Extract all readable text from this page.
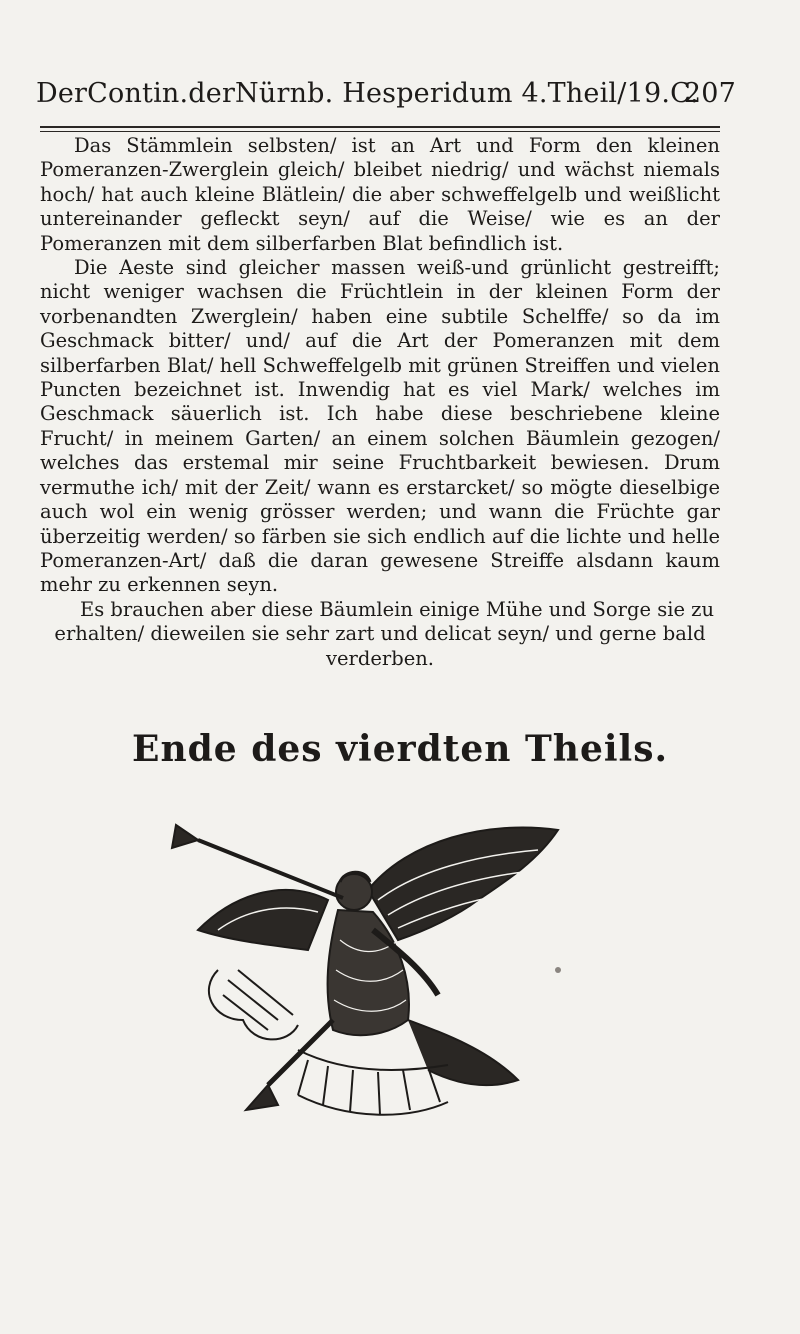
DerContin.derNürnb. Hesperidum 4.Theil/19.C.
207

Das Stämmlein selbsten/ ist an Art und Form den kleinen Pomeranzen-Zwerglein gleich/ bleibet niedrig/ und wächst niemals hoch/ hat auch kleine Blätlein/ die aber schweffelgelb und weißlicht untereinander gefleckt seyn/ auf die Weise/ wie es an der Pomeranzen mit dem silberfarben Blat befindlich ist.

Die Aeste sind gleicher massen weiß-und grünlicht gestreifft; nicht weniger wachsen die Früchtlein in der kleinen Form der vorbenandten Zwerglein/ haben eine subtile Schelffe/ so da im Geschmack bitter/ und/ auf die Art der Pomeranzen mit dem silberfarben Blat/ hell Schweffelgelb mit grünen Streiffen und vielen Puncten bezeichnet ist. Inwendig hat es viel Mark/ welches im Geschmack säuerlich ist. Ich habe diese beschriebene kleine Frucht/ in meinem Garten/ an einem solchen Bäumlein gezogen/ welches das erstemal mir seine Fruchtbarkeit bewiesen. Drum vermuthe ich/ mit der Zeit/ wann es erstarcket/ so mögte dieselbige auch wol ein wenig grösser werden; und wann die Früchte gar überzeitig werden/ so färben sie sich endlich auf die lichte und helle Pomeranzen-Art/ daß die daran gewesene Streiffe alsdann kaum mehr zu erkennen seyn.

Es brauchen aber diese Bäumlein einige Mühe und Sorge sie zu erhalten/ dieweilen sie sehr zart und delicat seyn/ und gerne bald verderben.

Ende des vierdten Theils.
